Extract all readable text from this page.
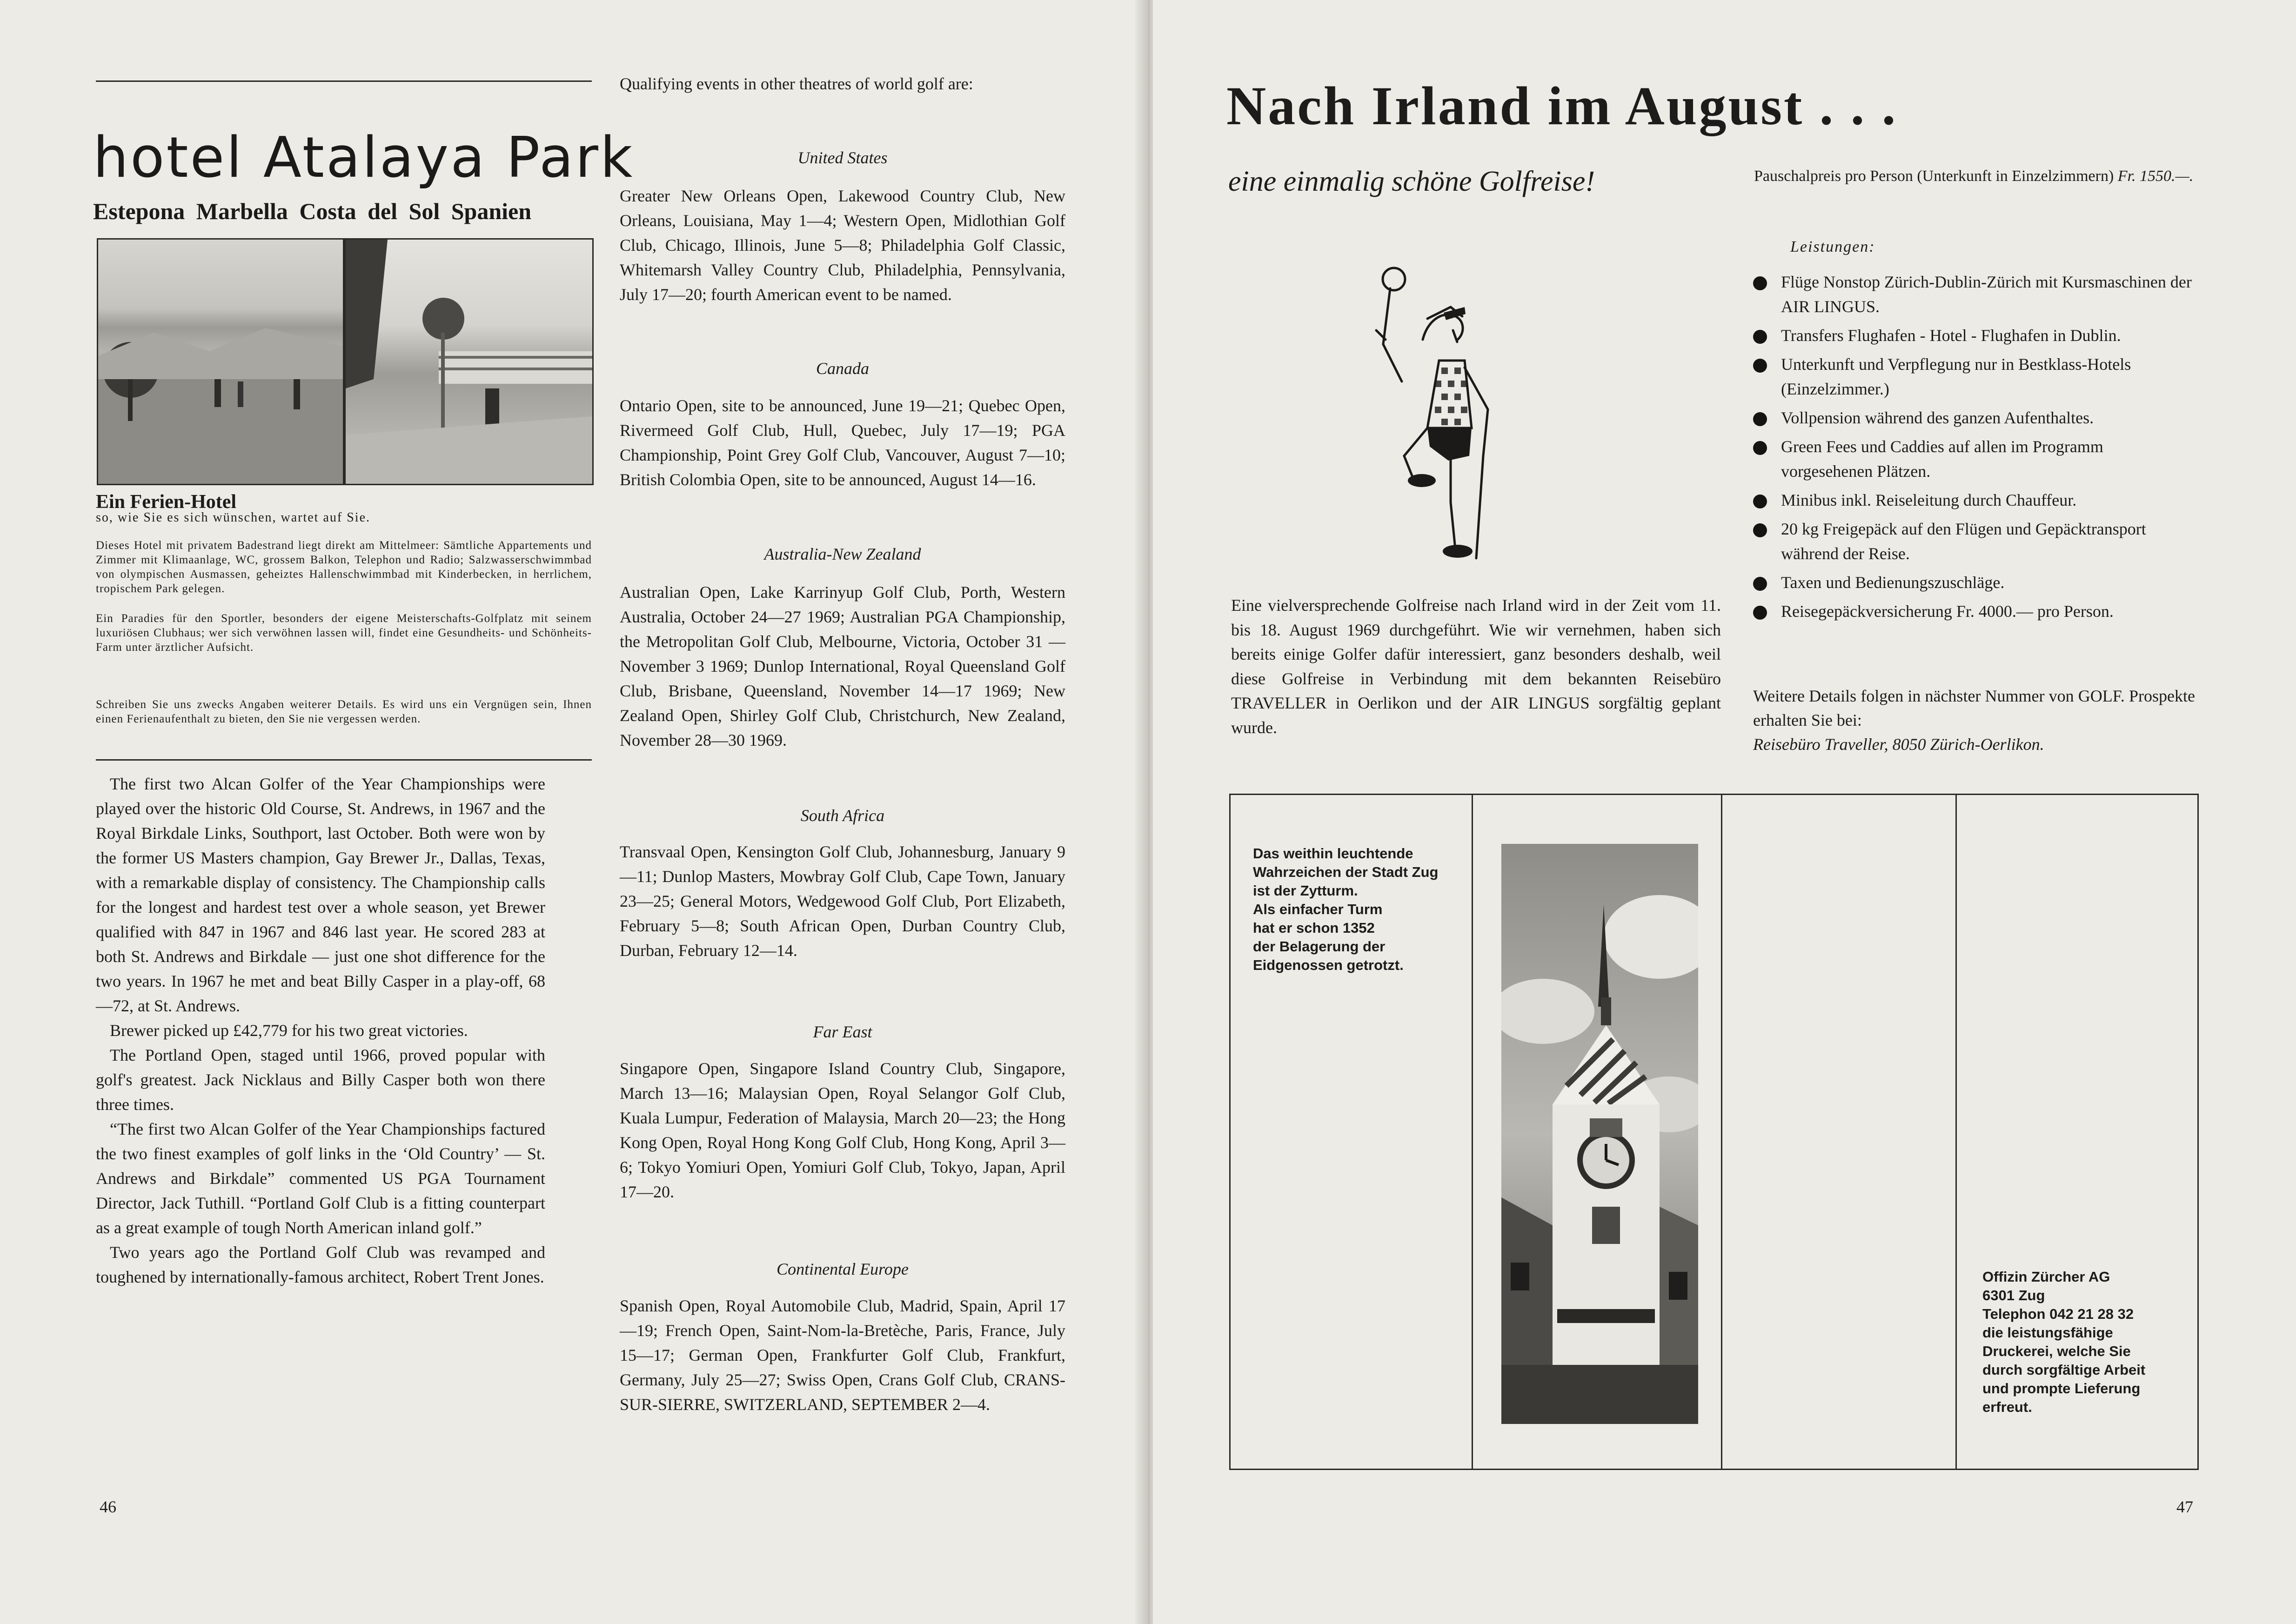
hotel Atalaya Park
Estepona Marbella Costa del Sol Spanien
Ein Ferien-Hotel
so, wie Sie es sich wünschen, wartet auf Sie.

Dieses Hotel mit privatem Badestrand liegt direkt am Mittelmeer: Sämtliche Appartements und Zimmer mit Klimaanlage, WC, grossem Balkon, Telephon und Radio; Salzwasserschwimmbad von olympischen Ausmassen, geheiztes Hallenschwimmbad mit Kinderbecken, in herrlichem, tropischem Park gelegen.

Ein Paradies für den Sportler, besonders der eigene Meisterschafts-Golfplatz mit seinem luxuriösen Clubhaus; wer sich verwöhnen lassen will, findet eine Gesundheits- und Schönheits-Farm unter ärztlicher Aufsicht.

Schreiben Sie uns zwecks Angaben weiterer Details. Es wird uns ein Vergnügen sein, Ihnen einen Ferienaufenthalt zu bieten, den Sie nie vergessen werden.

The first two Alcan Golfer of the Year Championships were played over the historic Old Course, St. Andrews, in 1967 and the Royal Birkdale Links, Southport, last October. Both were won by the former US Masters champion, Gay Brewer Jr., Dallas, Texas, with a remarkable display of consistency. The Championship calls for the longest and hardest test over a whole season, yet Brewer qualified with 847 in 1967 and 846 last year. He scored 283 at both St. Andrews and Birkdale — just one shot difference for the two years. In 1967 he met and beat Billy Casper in a play-off, 68—72, at St. Andrews.

Brewer picked up £42,779 for his two great victories.

The Portland Open, staged until 1966, proved popular with golf's greatest. Jack Nicklaus and Billy Casper both won there three times.

“The first two Alcan Golfer of the Year Championships factured the two finest examples of golf links in the ‘Old Country’ — St. Andrews and Birkdale” commented US PGA Tournament Director, Jack Tuthill. “Portland Golf Club is a fitting counterpart as a great example of tough North American inland golf.”

Two years ago the Portland Golf Club was revamped and toughened by internationally-famous architect, Robert Trent Jones.

Qualifying events in other theatres of world golf are:

United States

Greater New Orleans Open, Lakewood Country Club, New Orleans, Louisiana, May 1—4; Western Open, Midlothian Golf Club, Chicago, Illinois, June 5—8; Philadelphia Golf Classic, Whitemarsh Valley Country Club, Philadelphia, Pennsylvania, July 17—20; fourth American event to be named.

Canada

Ontario Open, site to be announced, June 19—21; Quebec Open, Rivermeed Golf Club, Hull, Quebec, July 17—19; PGA Championship, Point Grey Golf Club, Vancouver, August 7—10; British Colombia Open, site to be announced, August 14—16.

Australia-New Zealand

Australian Open, Lake Karrinyup Golf Club, Porth, Western Australia, October 24—27 1969; Australian PGA Championship, the Metropolitan Golf Club, Melbourne, Victoria, October 31 — November 3 1969; Dunlop International, Royal Queensland Golf Club, Brisbane, Queensland, November 14—17 1969; New Zealand Open, Shirley Golf Club, Christchurch, New Zealand, November 28—30 1969.

South Africa

Transvaal Open, Kensington Golf Club, Johannesburg, January 9—11; Dunlop Masters, Mowbray Golf Club, Cape Town, January 23—25; General Motors, Wedgewood Golf Club, Port Elizabeth, February 5—8; South African Open, Durban Country Club, Durban, February 12—14.

Far East

Singapore Open, Singapore Island Country Club, Singapore, March 13—16; Malaysian Open, Royal Selangor Golf Club, Kuala Lumpur, Federation of Malaysia, March 20—23; the Hong Kong Open, Royal Hong Kong Golf Club, Hong Kong, April 3—6; Tokyo Yomiuri Open, Yomiuri Golf Club, Tokyo, Japan, April 17—20.

Continental Europe

Spanish Open, Royal Automobile Club, Madrid, Spain, April 17—19; French Open, Saint-Nom-la-Bretèche, Paris, France, July 15—17; German Open, Frankfurter Golf Club, Frankfurt, Germany, July 25—27; Swiss Open, Crans Golf Club, CRANS-SUR-SIERRE, SWITZERLAND, SEPTEMBER 2—4.

46
Nach Irland im August . . .
eine einmalig schöne Golfreise!	Pauschalpreis pro Person (Unterkunft in Einzelzimmern) Fr. 1550.—.
Leistungen:
Flüge Nonstop Zürich-Dublin-Zürich mit Kursmaschinen der AIR LINGUS.
Transfers Flughafen - Hotel - Flughafen in Dublin.
Unterkunft und Verpflegung nur in Bestklass-Hotels (Einzelzimmer.)
Vollpension während des ganzen Aufenthaltes.
Green Fees und Caddies auf allen im Programm vorgesehenen Plätzen.
Minibus inkl. Reiseleitung durch Chauffeur.
20 kg Freigepäck auf den Flügen und Gepäcktransport während der Reise.
Taxen und Bedienungszuschläge.
Reisegepäckversicherung Fr. 4000.— pro Person.

Weitere Details folgen in nächster Nummer von GOLF. Prospekte erhalten Sie bei:

Reisebüro Traveller, 8050 Zürich-Oerlikon.

Eine vielversprechende Golfreise nach Irland wird in der Zeit vom 11. bis 18. August 1969 durchgeführt. Wie wir vernehmen, haben sich bereits einige Golfer dafür interessiert, ganz besonders deshalb, weil diese Golfreise in Verbindung mit dem bekannten Reisebüro TRAVELLER in Oerlikon und der AIR LINGUS sorgfältig geplant wurde.
Das weithin leuchtende
Wahrzeichen der Stadt Zug
ist der Zytturm.
Als einfacher Turm
hat er schon 1352
der Belagerung der
Eidgenossen getrotzt.
Offizin Zürcher AG
6301 Zug
Telephon 042 21 28 32
die leistungsfähige
Druckerei, welche Sie
durch sorgfältige Arbeit
und prompte Lieferung
erfreut.
47
